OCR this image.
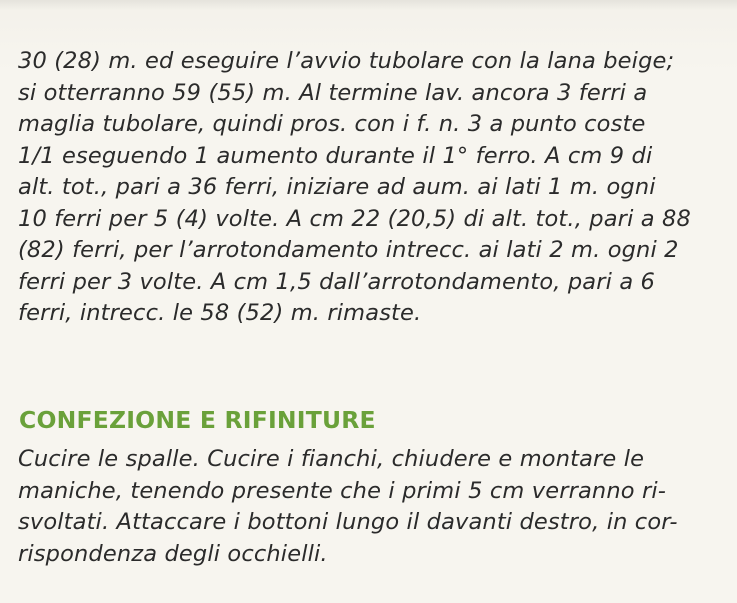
30 (28) m. ed eseguire l’avvio tubolare con la lana beige;
si otterranno 59 (55) m. Al termine lav. ancora 3 ferri a
maglia tubolare, quindi pros. con i f. n. 3 a punto coste
1/1 eseguendo 1 aumento durante il 1° ferro. A cm 9 di
alt. tot., pari a 36 ferri, iniziare ad aum. ai lati 1 m. ogni
10 ferri per 5 (4) volte. A cm 22 (20,5) di alt. tot., pari a 88
(82) ferri, per l’arrotondamento intrecc. ai lati 2 m. ogni 2
ferri per 3 volte. A cm 1,5 dall’arrotondamento, pari a 6
ferri, intrecc. le 58 (52) m. rimaste.
CONFEZIONE E RIFINITURE
Cucire le spalle. Cucire i fianchi, chiudere e montare le
maniche, tenendo presente che i primi 5 cm verranno ri-
svoltati. Attaccare i bottoni lungo il davanti destro, in cor-
rispondenza degli occhielli.
